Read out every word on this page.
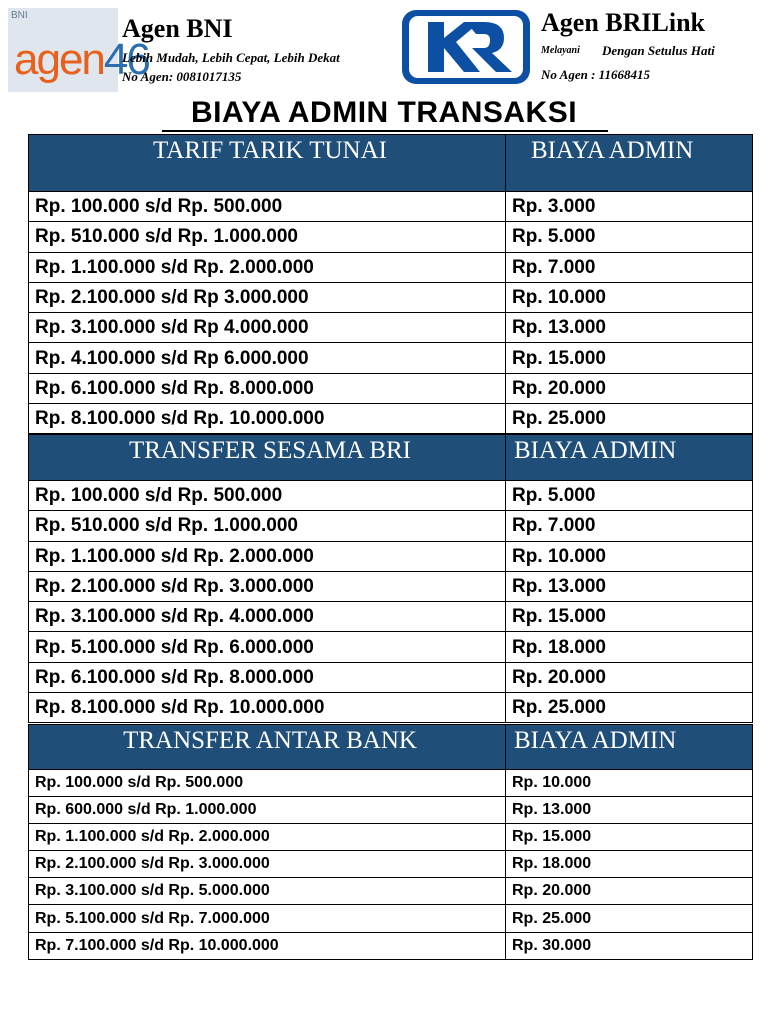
BNI
agen46
Agen BNI
Lebih Mudah, Lebih Cepat, Lebih Dekat
No Agen: 0081017135
Agen BRILink
Melayani Dengan Setulus Hati
No Agen : 11668415
BIAYA ADMIN TRANSAKSI
TARIF TARIK TUNAI	BIAYA ADMIN
Rp. 100.000 s/d Rp. 500.000	Rp. 3.000
Rp. 510.000 s/d Rp. 1.000.000	Rp. 5.000
Rp. 1.100.000 s/d Rp. 2.000.000	Rp. 7.000
Rp. 2.100.000 s/d Rp 3.000.000	Rp. 10.000
Rp. 3.100.000 s/d Rp 4.000.000	Rp. 13.000
Rp. 4.100.000 s/d Rp 6.000.000	Rp. 15.000
Rp. 6.100.000 s/d Rp. 8.000.000	Rp. 20.000
Rp. 8.100.000 s/d Rp. 10.000.000	Rp. 25.000
TRANSFER SESAMA BRI	BIAYA ADMIN
Rp. 100.000 s/d Rp. 500.000	Rp. 5.000
Rp. 510.000 s/d Rp. 1.000.000	Rp. 7.000
Rp. 1.100.000 s/d Rp. 2.000.000	Rp. 10.000
Rp. 2.100.000 s/d Rp. 3.000.000	Rp. 13.000
Rp. 3.100.000 s/d Rp. 4.000.000	Rp. 15.000
Rp. 5.100.000 s/d Rp. 6.000.000	Rp. 18.000
Rp. 6.100.000 s/d Rp. 8.000.000	Rp. 20.000
Rp. 8.100.000 s/d Rp. 10.000.000	Rp. 25.000
TRANSFER ANTAR BANK	BIAYA ADMIN
Rp. 100.000 s/d Rp. 500.000	Rp. 10.000
Rp. 600.000 s/d Rp. 1.000.000	Rp. 13.000
Rp. 1.100.000 s/d Rp. 2.000.000	Rp. 15.000
Rp. 2.100.000 s/d Rp. 3.000.000	Rp. 18.000
Rp. 3.100.000 s/d Rp. 5.000.000	Rp. 20.000
Rp. 5.100.000 s/d Rp. 7.000.000	Rp. 25.000
Rp. 7.100.000 s/d Rp. 10.000.000	Rp. 30.000
